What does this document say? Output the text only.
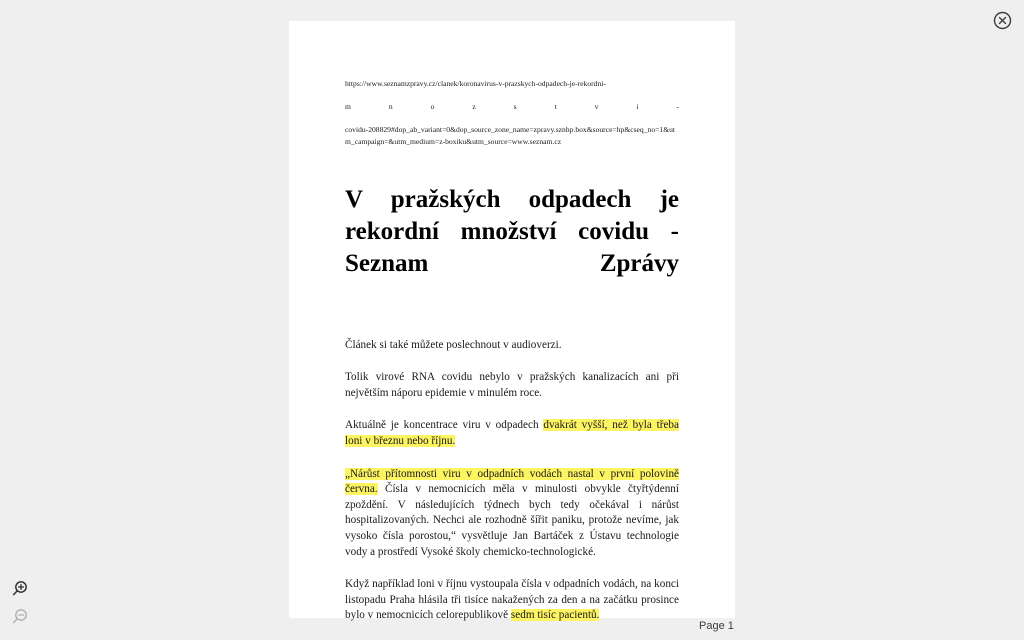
https://www.seznamzpravy.cz/clanek/koronavirus-v-prazskych-odpadech-je-rekordni-
m n o z s t v i -
covidu-208829#dop_ab_variant=0&dop_source_zone_name=zpravy.sznhp.box&source=hp&cseq_no=1&utm_campaign=&utm_medium=z-boxiku&utm_source=www.seznam.cz
V pražských odpadech je rekordní množství covidu - Seznam Zprávy

Článek si také můžete poslechnout v audioverzi.

Tolik virové RNA covidu nebylo v pražských kanalizacích ani při největším náporu epidemie v minulém roce.

Aktuálně je koncentrace viru v odpadech dvakrát vyšší, než byla třeba loni v březnu nebo říjnu.

„Nárůst přítomnosti viru v odpadních vodách nastal v první polovině června. Čísla v nemocnicích měla v minulosti obvykle čtyřtýdenní zpoždění. V následujících týdnech bych tedy očekával i nárůst hospitalizovaných. Nechci ale rozhodně šířit paniku, protože nevíme, jak vysoko čísla porostou,“ vysvětluje Jan Bartáček z Ústavu technologie vody a prostředí Vysoké školy chemicko-technologické.

Když například loni v říjnu vystoupala čísla v odpadních vodách, na konci listopadu Praha hlásila tři tisíce nakažených za den a na začátku prosince bylo v nemocnicích celorepublikově sedm tisíc pacientů.

Page 1
